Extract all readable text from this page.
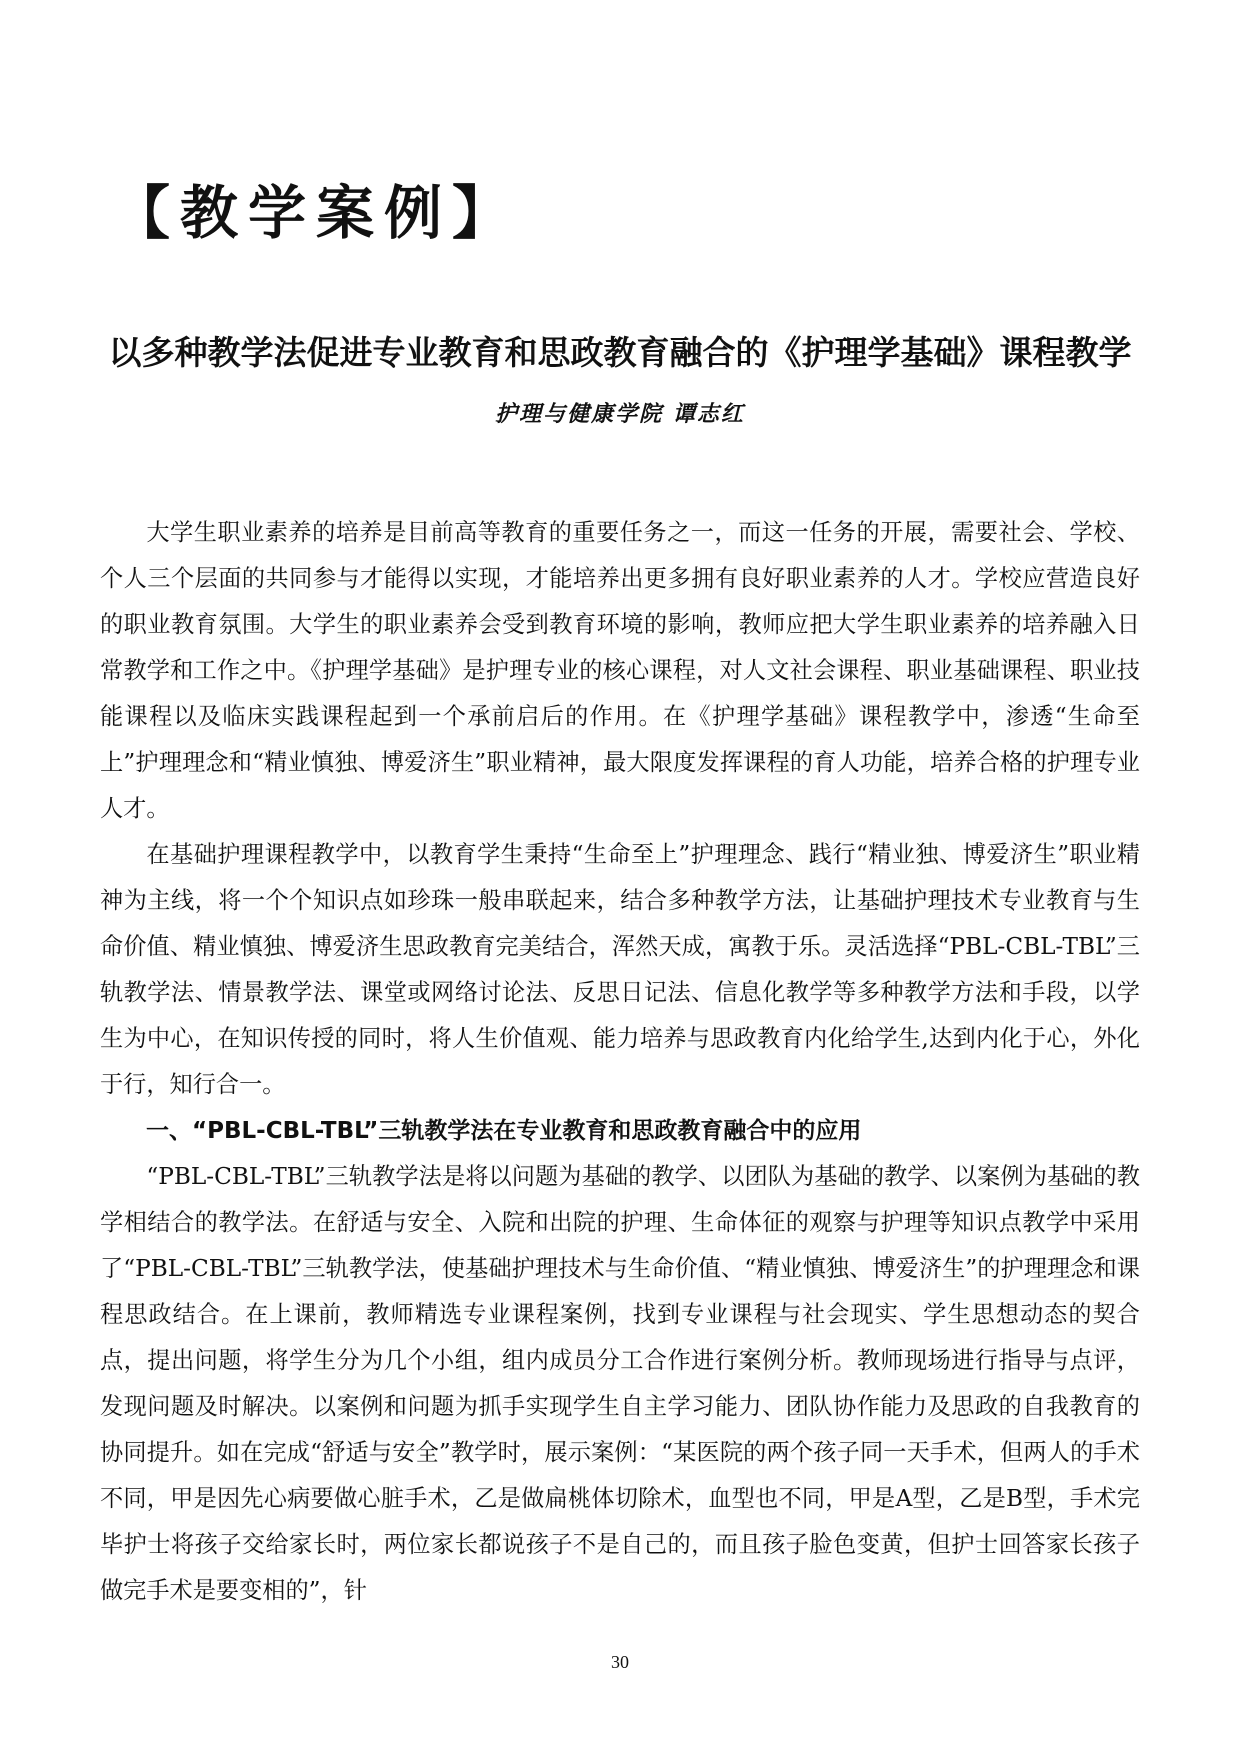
【教学案例】
以多种教学法促进专业教育和思政教育融合的《护理学基础》课程教学
护理与健康学院 谭志红

大学生职业素养的培养是目前高等教育的重要任务之一，而这一任务的开展，需要社会、学校、个人三个层面的共同参与才能得以实现，才能培养出更多拥有良好职业素养的人才。学校应营造良好的职业教育氛围。大学生的职业素养会受到教育环境的影响，教师应把大学生职业素养的培养融入日常教学和工作之中。《护理学基础》是护理专业的核心课程，对人文社会课程、职业基础课程、职业技能课程以及临床实践课程起到一个承前启后的作用。在《护理学基础》课程教学中，渗透“生命至上”护理理念和“精业慎独、博爱济生”职业精神，最大限度发挥课程的育人功能，培养合格的护理专业人才。

在基础护理课程教学中，以教育学生秉持“生命至上”护理理念、践行“精业独、博爱济生”职业精神为主线，将一个个知识点如珍珠一般串联起来，结合多种教学方法，让基础护理技术专业教育与生命价值、精业慎独、博爱济生思政教育完美结合，浑然天成，寓教于乐。灵活选择“PBL-CBL-TBL”三轨教学法、情景教学法、课堂或网络讨论法、反思日记法、信息化教学等多种教学方法和手段，以学生为中心，在知识传授的同时，将人生价值观、能力培养与思政教育内化给学生,达到内化于心，外化于行，知行合一。

一、“PBL-CBL-TBL”三轨教学法在专业教育和思政教育融合中的应用

“PBL-CBL-TBL”三轨教学法是将以问题为基础的教学、以团队为基础的教学、以案例为基础的教学相结合的教学法。在舒适与安全、入院和出院的护理、生命体征的观察与护理等知识点教学中采用了“PBL-CBL-TBL”三轨教学法，使基础护理技术与生命价值、“精业慎独、博爱济生”的护理理念和课程思政结合。在上课前，教师精选专业课程案例，找到专业课程与社会现实、学生思想动态的契合点，提出问题，将学生分为几个小组，组内成员分工合作进行案例分析。教师现场进行指导与点评，发现问题及时解决。以案例和问题为抓手实现学生自主学习能力、团队协作能力及思政的自我教育的协同提升。如在完成“舒适与安全”教学时，展示案例：“某医院的两个孩子同一天手术，但两人的手术不同，甲是因先心病要做心脏手术，乙是做扁桃体切除术，血型也不同，甲是A型，乙是B型，手术完毕护士将孩子交给家长时，两位家长都说孩子不是自己的，而且孩子脸色变黄，但护士回答家长孩子做完手术是要变相的”，针

30
